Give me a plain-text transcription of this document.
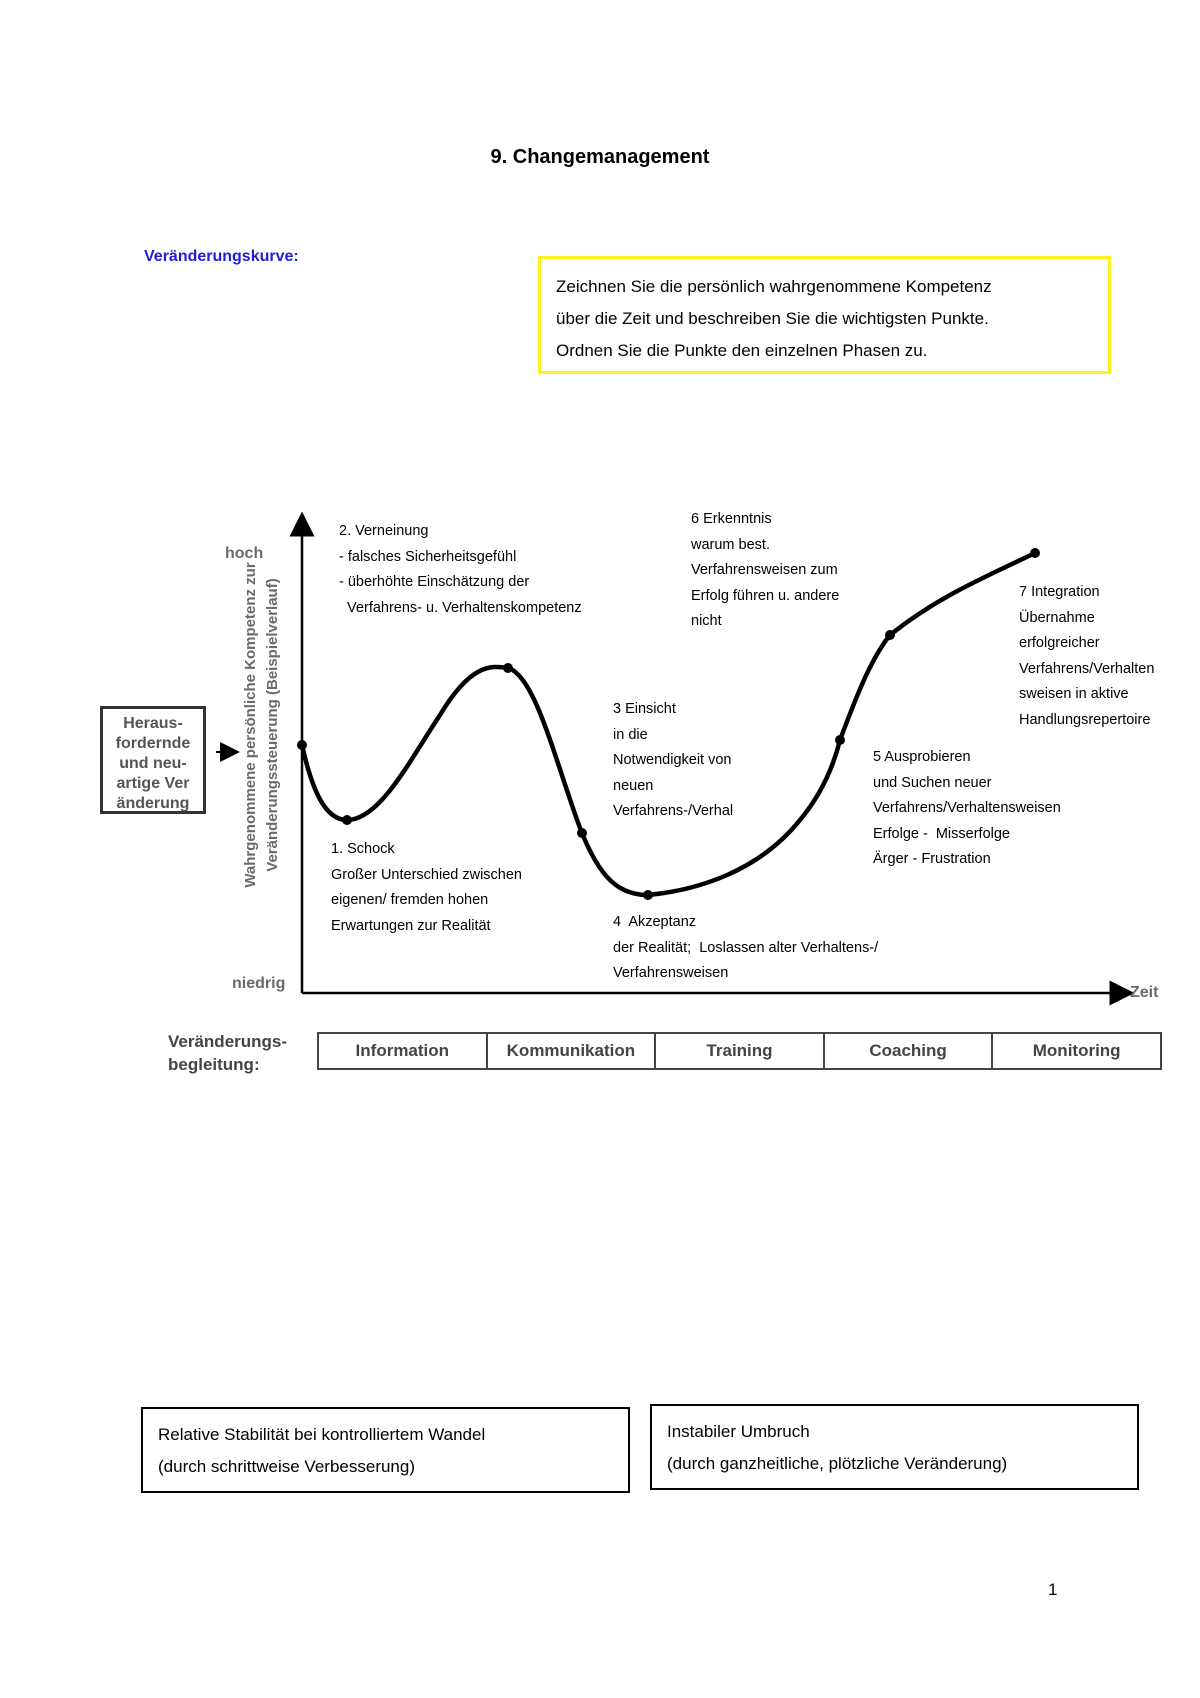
9. Changemanagement
Veränderungskurve:
Zeichnen Sie die persönlich wahrgenommene Kompetenz
über die Zeit und beschreiben Sie die wichtigsten Punkte.
Ordnen Sie die Punkte den einzelnen Phasen zu.
hoch
niedrig
Zeit
Wahrgenommene persönliche Kompetenz zur Veränderungssteuerung (Beispielverlauf)
Heraus-
fordernde
und neu-
artige Ver
änderung
2. Verneinung
- falsches Sicherheitsgefühl
- überhöhte Einschätzung der
Verfahrens- u. Verhaltenskompetenz
1. Schock
Großer Unterschied zwischen
eigenen/ fremden hohen
Erwartungen zur Realität
3 Einsicht
in die
Notwendigkeit von
neuen
Verfahrens-/Verhal
4  Akzeptanz
der Realität;  Loslassen alter Verhaltens-/
Verfahrensweisen
6 Erkenntnis
warum best.
Verfahrensweisen zum
Erfolg führen u. andere
nicht
5 Ausprobieren
und Suchen neuer
Verfahrens/Verhaltensweisen
Erfolge -  Misserfolge
Ärger - Frustration
7 Integration
Übernahme
erfolgreicher
Verfahrens/Verhalten
sweisen in aktive
Handlungsrepertoire
Veränderungs-
begleitung:
Information	Kommunikation	Training	Coaching	Monitoring
Relative Stabilität bei kontrolliertem Wandel
(durch schrittweise Verbesserung)
Instabiler Umbruch
(durch ganzheitliche, plötzliche Veränderung)
1
